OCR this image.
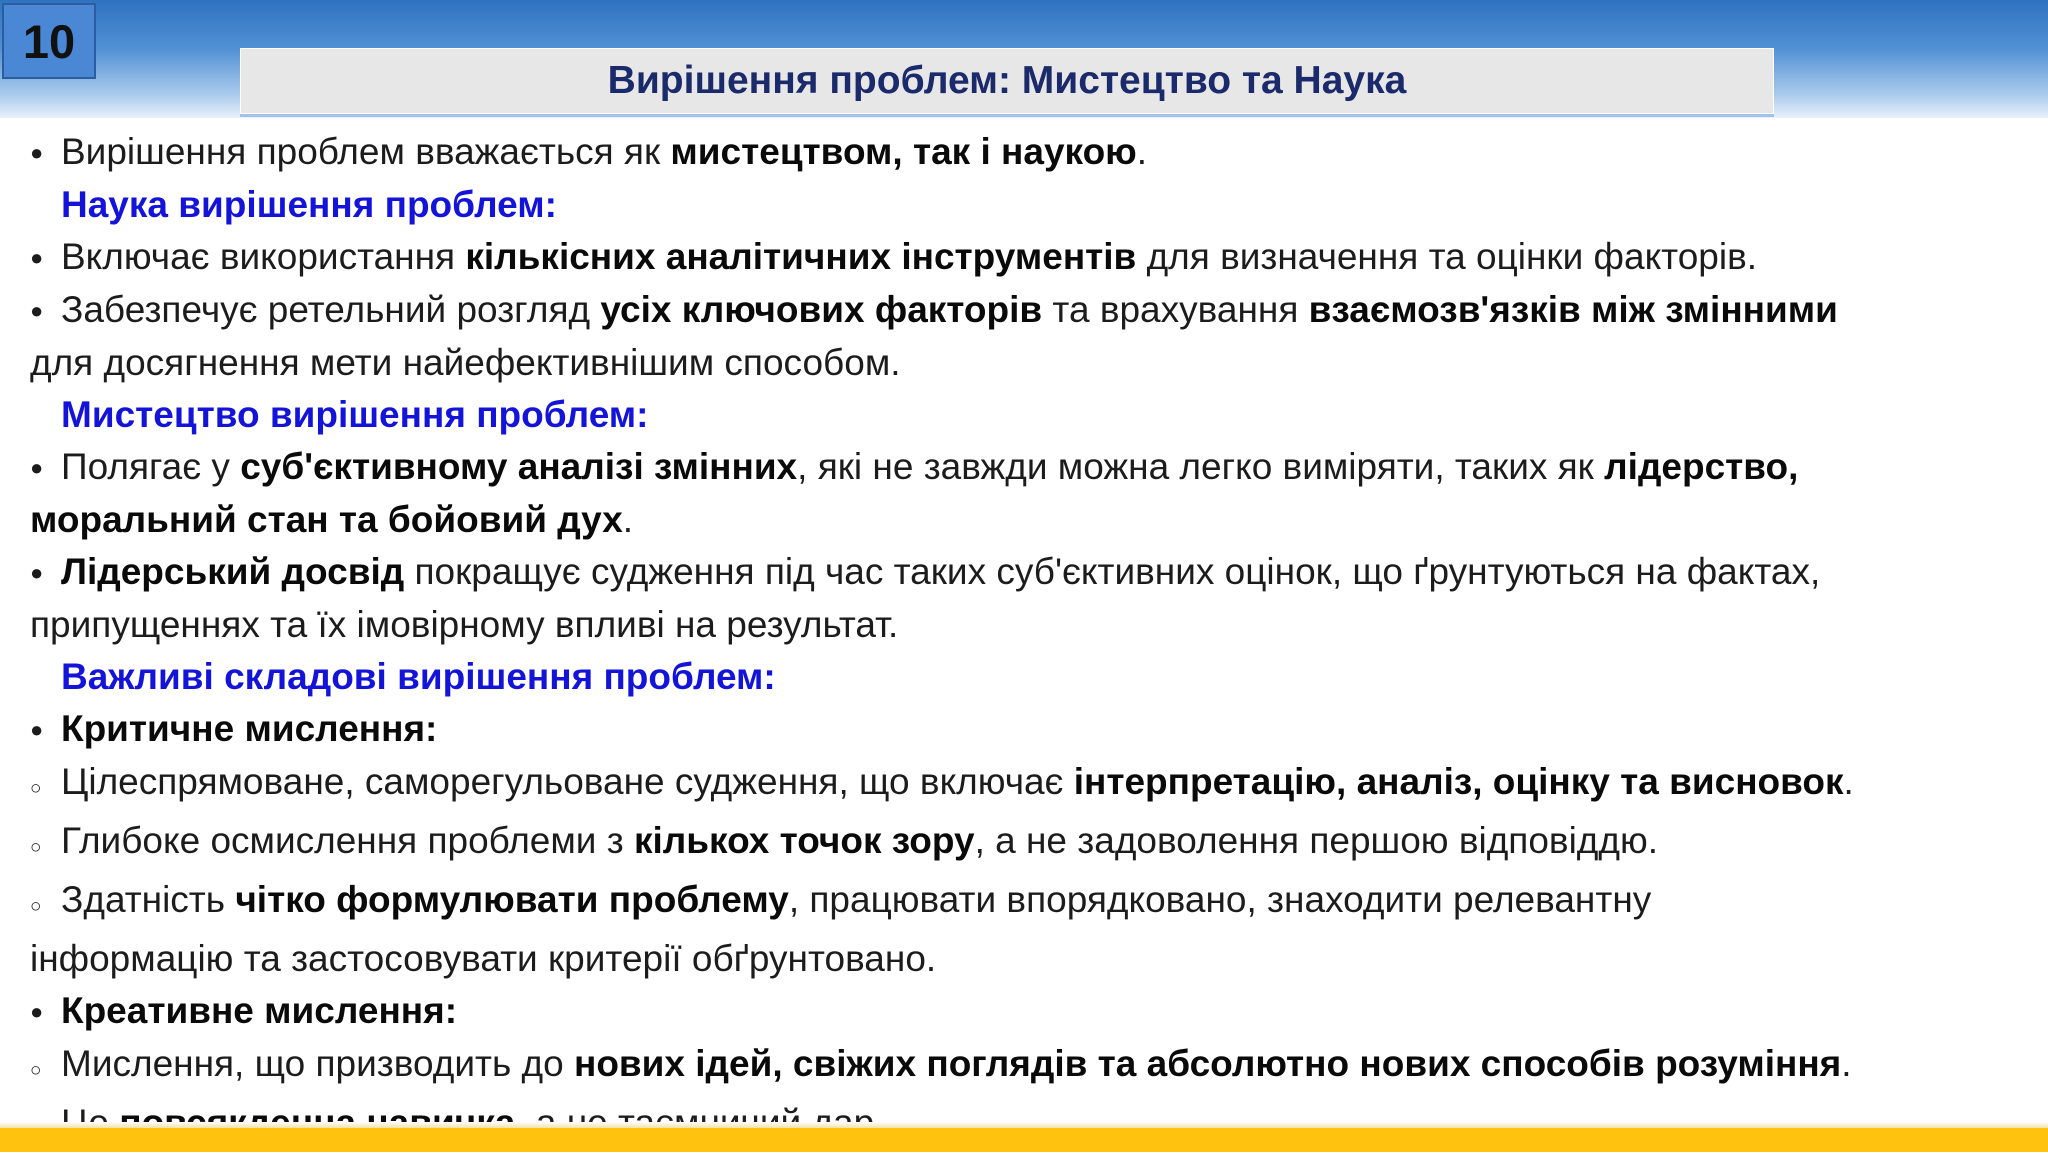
10
Вирішення проблем: Мистецтво та Наука
● Вирішення проблем вважається як мистецтвом, так і наукою.
Наука вирішення проблем:
● Включає використання кількісних аналітичних інструментів для визначення та оцінки факторів.
● Забезпечує ретельний розгляд усіх ключових факторів та врахування взаємозв'язків між змінними
для досягнення мети найефективнішим способом.
Мистецтво вирішення проблем:
● Полягає у суб'єктивному аналізі змінних, які не завжди можна легко виміряти, таких як лідерство,
моральний стан та бойовий дух.
● Лідерський досвід покращує судження під час таких суб'єктивних оцінок, що ґрунтуються на фактах,
припущеннях та їх імовірному впливі на результат.
Важливі складові вирішення проблем:
● Критичне мислення:
○ Цілеспрямоване, саморегульоване судження, що включає інтерпретацію, аналіз, оцінку та висновок.
○ Глибоке осмислення проблеми з кількох точок зору, а не задоволення першою відповіддю.
○ Здатність чітко формулювати проблему, працювати впорядковано, знаходити релевантну
інформацію та застосовувати критерії обґрунтовано.
● Креативне мислення:
○ Мислення, що призводить до нових ідей, свіжих поглядів та абсолютно нових способів розуміння.
